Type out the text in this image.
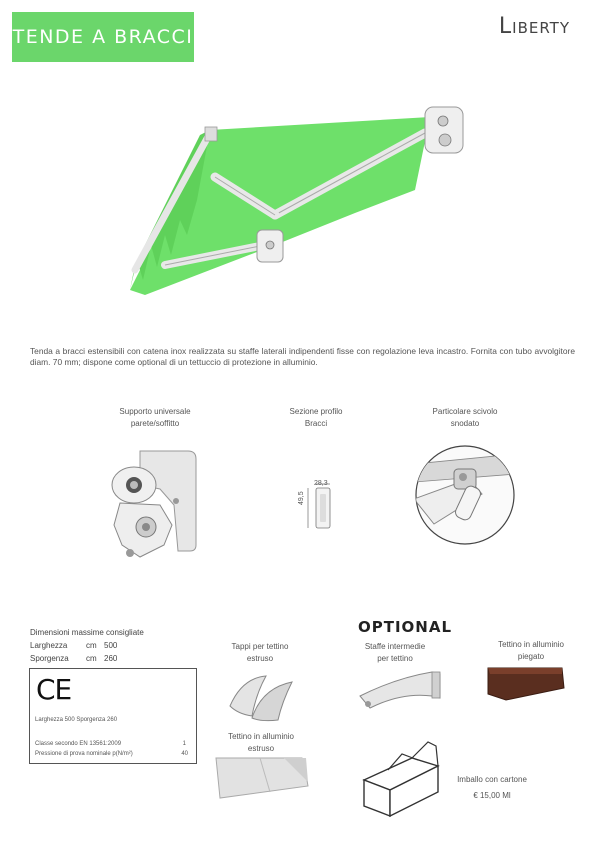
TENDE A BRACCI	Liberty
Tenda a bracci estensibili con catena inox realizzata su staffe laterali indipendenti fisse con regolazione leva incastro. Fornita con tubo avvolgitore diam. 70 mm; dispone come optional di un tettuccio di protezione in alluminio.
Supporto universale
parete/soffitto
Sezione profilo
Bracci
Particolare scivolo
snodato
28,3
49,5
Dimensioni massime consigliate
Larghezza cm 500
Sporgenza cm 260
CE
Larghezza 500 Sporgenza 260
Classe secondo EN 13561:2009	1
Pressione di prova nominale p(N/m²)	40
OPTIONAL
Tappi per tettino
estruso
Tettino in alluminio
estruso
Staffe intermedie
per tettino
Tettino in alluminio
piegato
Imballo con cartone
€ 15,00 Ml
